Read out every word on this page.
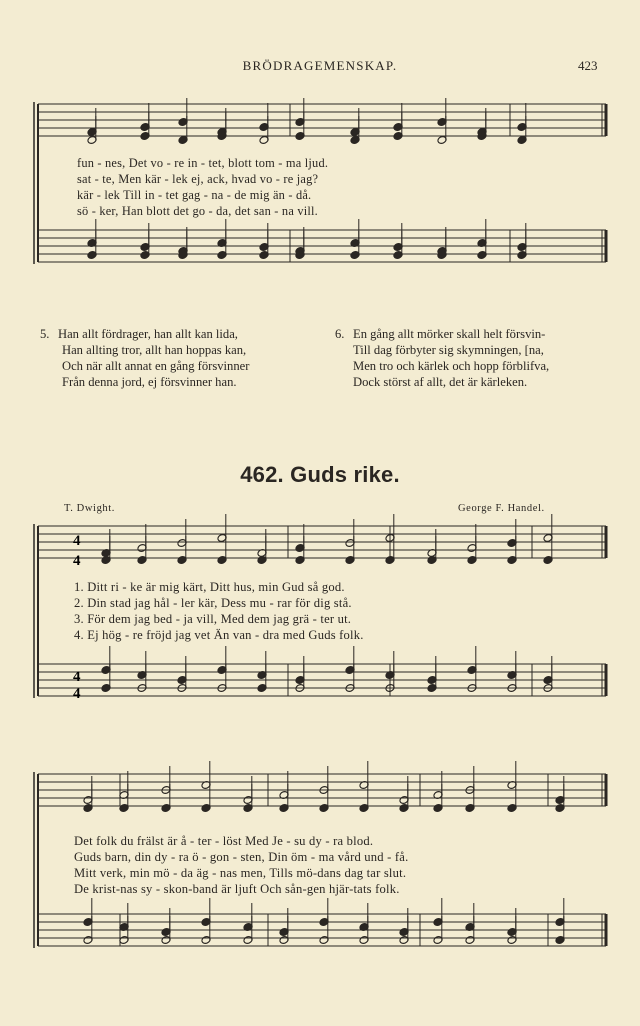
BRÖDRAGEMENSKAP.	423
4
4
4
4
fun - nes, Det vo - re in - tet, blott tom - ma ljud.
sat - te, Men kär - lek ej, ack, hvad vo - re jag?
kär - lek Till in - tet gag - na - de mig än - då.
sö - ker, Han blott det go - da, det san - na vill.
5. Han allt fördrager, han allt kan lida,
Han allting tror, allt han hoppas kan,
Och när allt annat en gång försvinner
Från denna jord, ej försvinner han.
6. En gång allt mörker skall helt försvin-
Till dag förbyter sig skymningen, [na,
Men tro och kärlek och hopp förblifva,
Dock störst af allt, det är kärleken.
462. Guds rike.
T. Dwight.	George F. Handel.
1. Ditt ri - ke är mig kärt, Ditt hus, min Gud så god.
2. Din stad jag hål - ler kär, Dess mu - rar för dig stå.
3. För dem jag bed - ja vill, Med dem jag grä - ter ut.
4. Ej hög - re fröjd jag vet Än van - dra med Guds folk.
Det folk du frälst är å - ter - löst Med Je - su dy - ra blod.
Guds barn, din dy - ra ö - gon - sten, Din öm - ma vård und - få.
Mitt verk, min mö - da äg - nas men, Tills mö-dans dag tar slut.
De krist-nas sy - skon-band är ljuft Och sån-gen hjär-tats folk.
